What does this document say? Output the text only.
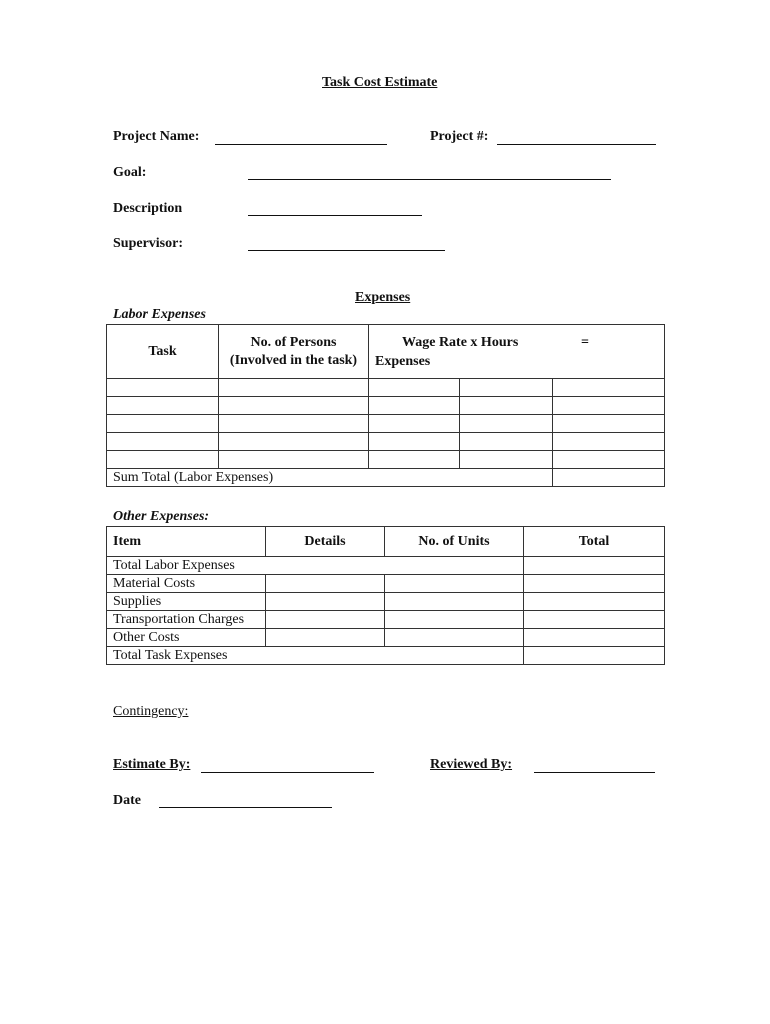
Task Cost Estimate
Project Name:	Project #:
Goal:
Description
Supervisor:
Expenses
Labor Expenses
Task	No. of Persons (Involved in the task)	Wage Rate x Hours =
Expenses		

Sum Total (Labor Expenses)				
Other Expenses:
Item	Details	No. of Units	Total
Total Labor Expenses			
Material Costs			
Supplies			
Transportation Charges			
Other Costs			
Total Task Expenses			
Contingency:
Estimate By:	Reviewed By:
Date
